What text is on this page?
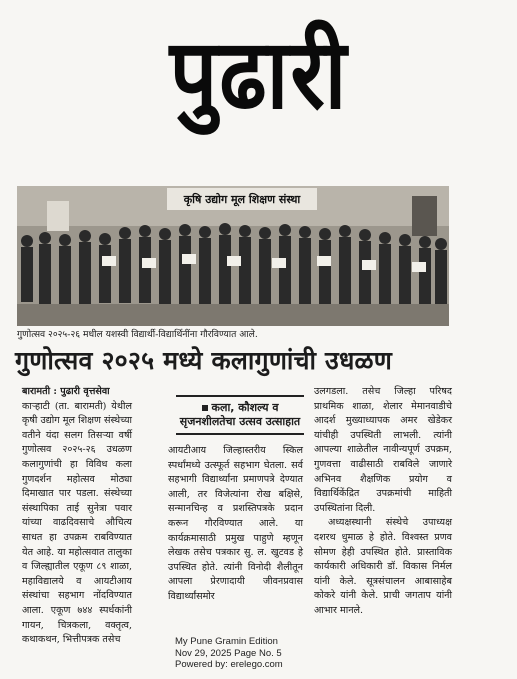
पुढारी
कृषि उद्योग मूल शिक्षण संस्था
गुणोत्सव २०२५-२६ मधील यशस्वी विद्यार्थी-विद्यार्थिनींना गौरविण्यात आले.
गुणोत्सव २०२५ मध्ये कलागुणांची उधळण

बारामती : पुढारी वृत्तसेवा

काऱ्हाटी (ता. बारामती) येथील कृषी उद्योग मूल शिक्षण संस्थेच्या वतीने यंदा सलग तिसऱ्या वर्षी गुणोत्सव २०२५-२६ उधळण कलागुणांची हा विविध कला गुणदर्शन महोत्सव मोठ्या दिमाखात पार पडला. संस्थेच्या संस्थापिका ताई सुनेत्रा पवार यांच्या वाढदिवसाचे औचित्य साधत हा उपक्रम राबविण्यात येत आहे. या महोत्सवात तालुका व जिल्ह्यातील एकूण ८९ शाळा, महाविद्यालये व आयटीआय संस्थांचा सहभाग नोंदविण्यात आला. एकूण ७४४ स्पर्धकांनी गायन, चित्रकला, वक्तृत्व, कथाकथन, भित्तीपत्रक तसेच

कला, कौशल्य व सृजनशीलतेचा उत्सव उत्साहात

आयटीआय जिल्हास्तरीय स्किल स्पर्धांमध्ये उत्स्फूर्त सहभाग घेतला. सर्व सहभागी विद्यार्थ्यांना प्रमाणपत्रे देण्यात आली, तर विजेत्यांना रोख बक्षिसे, सन्मानचिन्ह व प्रशस्तिपत्रके प्रदान करून गौरविण्यात आले. या कार्यक्रमासाठी प्रमुख पाहुणे म्हणून लेखक तसेच पत्रकार सु. ल. खुटवड हे उपस्थित होते. त्यांनी विनोदी शैलीतून आपला प्रेरणादायी जीवनप्रवास विद्यार्थ्यांसमोर

उलगडला. तसेच जिल्हा परिषद प्राथमिक शाळा, शेलार मेमानवाडीचे आदर्श मुख्याध्यापक अमर खेडेकर यांचीही उपस्थिती लाभली. त्यांनी आपल्या शाळेतील नावीन्यपूर्ण उपक्रम, गुणवत्ता वाढीसाठी राबविले जाणारे अभिनव शैक्षणिक प्रयोग व विद्यार्थिकेंद्रित उपक्रमांची माहिती उपस्थितांना दिली.

अध्यक्षस्थानी संस्थेचे उपाध्यक्ष दशरथ धुमाळ हे होते. विश्वस्त प्रणव सोमण हेही उपस्थित होते. प्रास्ताविक कार्यकारी अधिकारी डॉ. विकास निर्मल यांनी केले. सूत्रसंचालन आबासाहेब कोकरे यांनी केले. प्राची जगताप यांनी आभार मानले.

My Pune Gramin Edition
Nov 29, 2025 Page No. 5
Powered by: erelego.com
